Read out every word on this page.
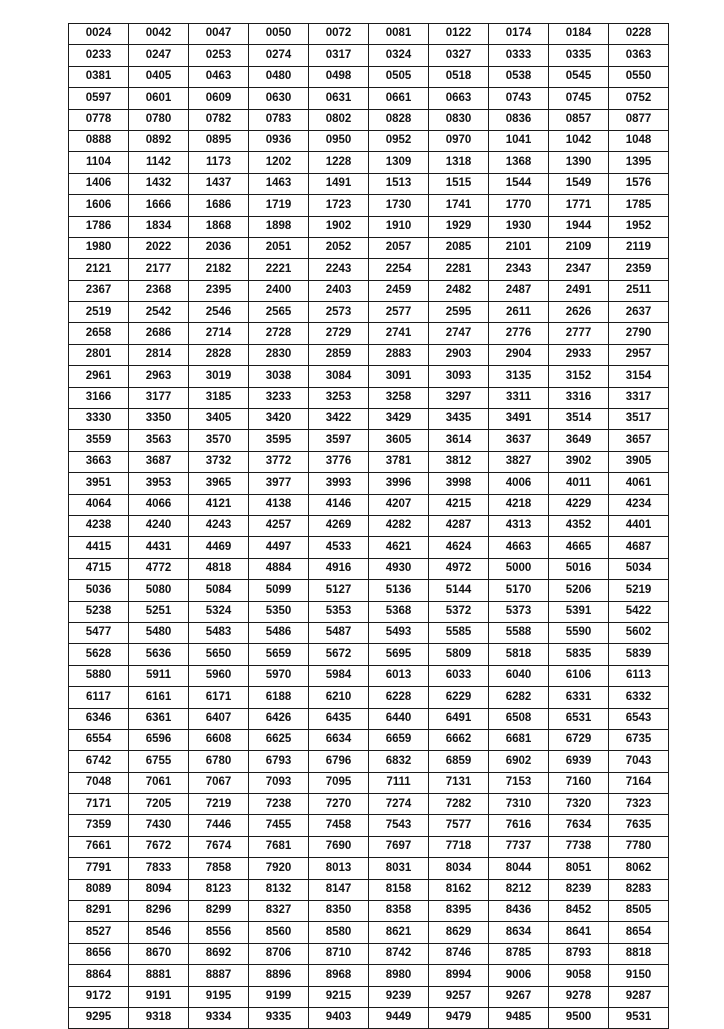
0024	0042	0047	0050	0072	0081	0122	0174	0184	0228
0233	0247	0253	0274	0317	0324	0327	0333	0335	0363
0381	0405	0463	0480	0498	0505	0518	0538	0545	0550
0597	0601	0609	0630	0631	0661	0663	0743	0745	0752
0778	0780	0782	0783	0802	0828	0830	0836	0857	0877
0888	0892	0895	0936	0950	0952	0970	1041	1042	1048
1104	1142	1173	1202	1228	1309	1318	1368	1390	1395
1406	1432	1437	1463	1491	1513	1515	1544	1549	1576
1606	1666	1686	1719	1723	1730	1741	1770	1771	1785
1786	1834	1868	1898	1902	1910	1929	1930	1944	1952
1980	2022	2036	2051	2052	2057	2085	2101	2109	2119
2121	2177	2182	2221	2243	2254	2281	2343	2347	2359
2367	2368	2395	2400	2403	2459	2482	2487	2491	2511
2519	2542	2546	2565	2573	2577	2595	2611	2626	2637
2658	2686	2714	2728	2729	2741	2747	2776	2777	2790
2801	2814	2828	2830	2859	2883	2903	2904	2933	2957
2961	2963	3019	3038	3084	3091	3093	3135	3152	3154
3166	3177	3185	3233	3253	3258	3297	3311	3316	3317
3330	3350	3405	3420	3422	3429	3435	3491	3514	3517
3559	3563	3570	3595	3597	3605	3614	3637	3649	3657
3663	3687	3732	3772	3776	3781	3812	3827	3902	3905
3951	3953	3965	3977	3993	3996	3998	4006	4011	4061
4064	4066	4121	4138	4146	4207	4215	4218	4229	4234
4238	4240	4243	4257	4269	4282	4287	4313	4352	4401
4415	4431	4469	4497	4533	4621	4624	4663	4665	4687
4715	4772	4818	4884	4916	4930	4972	5000	5016	5034
5036	5080	5084	5099	5127	5136	5144	5170	5206	5219
5238	5251	5324	5350	5353	5368	5372	5373	5391	5422
5477	5480	5483	5486	5487	5493	5585	5588	5590	5602
5628	5636	5650	5659	5672	5695	5809	5818	5835	5839
5880	5911	5960	5970	5984	6013	6033	6040	6106	6113
6117	6161	6171	6188	6210	6228	6229	6282	6331	6332
6346	6361	6407	6426	6435	6440	6491	6508	6531	6543
6554	6596	6608	6625	6634	6659	6662	6681	6729	6735
6742	6755	6780	6793	6796	6832	6859	6902	6939	7043
7048	7061	7067	7093	7095	7111	7131	7153	7160	7164
7171	7205	7219	7238	7270	7274	7282	7310	7320	7323
7359	7430	7446	7455	7458	7543	7577	7616	7634	7635
7661	7672	7674	7681	7690	7697	7718	7737	7738	7780
7791	7833	7858	7920	8013	8031	8034	8044	8051	8062
8089	8094	8123	8132	8147	8158	8162	8212	8239	8283
8291	8296	8299	8327	8350	8358	8395	8436	8452	8505
8527	8546	8556	8560	8580	8621	8629	8634	8641	8654
8656	8670	8692	8706	8710	8742	8746	8785	8793	8818
8864	8881	8887	8896	8968	8980	8994	9006	9058	9150
9172	9191	9195	9199	9215	9239	9257	9267	9278	9287
9295	9318	9334	9335	9403	9449	9479	9485	9500	9531
